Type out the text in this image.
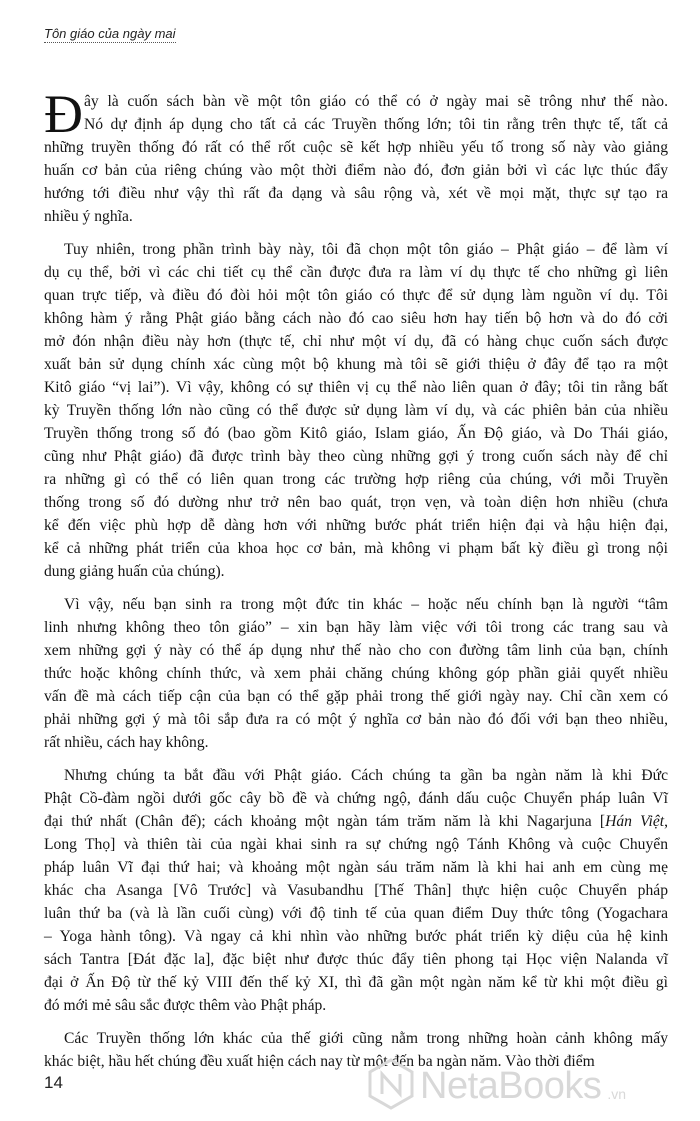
Tôn giáo của ngày mai
Đ ây là cuốn sách bàn về một tôn giáo có thể có ở ngày mai sẽ trông như thế nào.
Nó dự định áp dụng cho tất cả các Truyền thống lớn; tôi tin rằng trên thực tế, tất cả
những truyền thống đó rất có thể rốt cuộc sẽ kết hợp nhiều yếu tố trong số này vào giảng
huấn cơ bản của riêng chúng vào một thời điểm nào đó, đơn giản bởi vì các lực thúc đẩy
hướng tới điều như vậy thì rất đa dạng và sâu rộng và, xét về mọi mặt, thực sự tạo ra
nhiều ý nghĩa.
Tuy nhiên, trong phần trình bày này, tôi đã chọn một tôn giáo – Phật giáo – để làm ví
dụ cụ thể, bởi vì các chi tiết cụ thể cần được đưa ra làm ví dụ thực tế cho những gì liên
quan trực tiếp, và điều đó đòi hỏi một tôn giáo có thực để sử dụng làm nguồn ví dụ. Tôi
không hàm ý rằng Phật giáo bằng cách nào đó cao siêu hơn hay tiến bộ hơn và do đó cởi
mở đón nhận điều này hơn (thực tế, chỉ như một ví dụ, đã có hàng chục cuốn sách được
xuất bản sử dụng chính xác cùng một bộ khung mà tôi sẽ giới thiệu ở đây để tạo ra một
Kitô giáo “vị lai”). Vì vậy, không có sự thiên vị cụ thể nào liên quan ở đây; tôi tin rằng bất
kỳ Truyền thống lớn nào cũng có thể được sử dụng làm ví dụ, và các phiên bản của nhiều
Truyền thống trong số đó (bao gồm Kitô giáo, Islam giáo, Ấn Độ giáo, và Do Thái giáo,
cũng như Phật giáo) đã được trình bày theo cùng những gợi ý trong cuốn sách này để chỉ
ra những gì có thể có liên quan trong các trường hợp riêng của chúng, với mỗi Truyền
thống trong số đó dường như trở nên bao quát, trọn vẹn, và toàn diện hơn nhiều (chưa
kể đến việc phù hợp dễ dàng hơn với những bước phát triển hiện đại và hậu hiện đại,
kể cả những phát triển của khoa học cơ bản, mà không vi phạm bất kỳ điều gì trong nội
dung giảng huấn của chúng).
Vì vậy, nếu bạn sinh ra trong một đức tin khác – hoặc nếu chính bạn là người “tâm
linh nhưng không theo tôn giáo” – xin bạn hãy làm việc với tôi trong các trang sau và
xem những gợi ý này có thể áp dụng như thế nào cho con đường tâm linh của bạn, chính
thức hoặc không chính thức, và xem phải chăng chúng không góp phần giải quyết nhiều
vấn đề mà cách tiếp cận của bạn có thể gặp phải trong thế giới ngày nay. Chỉ cần xem có
phải những gợi ý mà tôi sắp đưa ra có một ý nghĩa cơ bản nào đó đối với bạn theo nhiều,
rất nhiều, cách hay không.
Nhưng chúng ta bắt đầu với Phật giáo. Cách chúng ta gần ba ngàn năm là khi Đức
Phật Cồ-đàm ngồi dưới gốc cây bồ đề và chứng ngộ, đánh dấu cuộc Chuyển pháp luân Vĩ
đại thứ nhất (Chân đế); cách khoảng một ngàn tám trăm năm là khi Nagarjuna [Hán Việt,
Long Thọ] và thiên tài của ngài khai sinh ra sự chứng ngộ Tánh Không và cuộc Chuyển
pháp luân Vĩ đại thứ hai; và khoảng một ngàn sáu trăm năm là khi hai anh em cùng mẹ
khác cha Asanga [Vô Trước] và Vasubandhu [Thế Thân] thực hiện cuộc Chuyển pháp
luân thứ ba (và là lần cuối cùng) với độ tinh tế của quan điểm Duy thức tông (Yogachara
– Yoga hành tông). Và ngay cả khi nhìn vào những bước phát triển kỳ diệu của hệ kinh
sách Tantra [Đát đặc la], đặc biệt như được thúc đẩy tiên phong tại Học viện Nalanda vĩ
đại ở Ấn Độ từ thế kỷ VIII đến thế kỷ XI, thì đã gần một ngàn năm kể từ khi một điều gì
đó mới mẻ sâu sắc được thêm vào Phật pháp.
Các Truyền thống lớn khác của thế giới cũng nằm trong những hoàn cảnh không mấy
khác biệt, hầu hết chúng đều xuất hiện cách nay từ một đến ba ngàn năm. Vào thời điểm
14	NetaBooks .vn
